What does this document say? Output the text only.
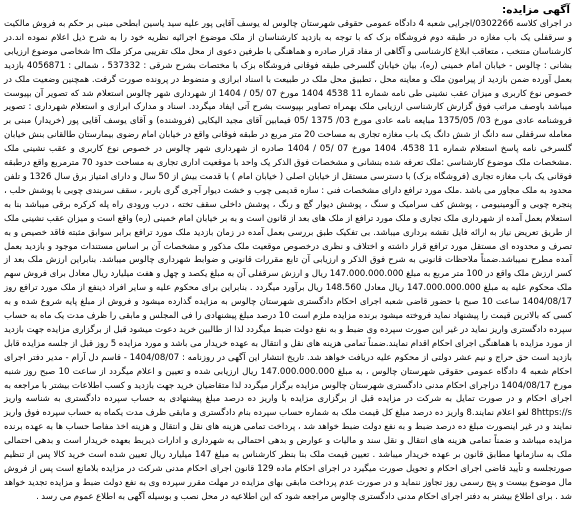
آگهی مزایده:

در اجرای کلاسه 0302266/اجرایی شعبه 4 دادگاه عمومی حقوقی شهرستان چالوس له یوسف آقایی پور علیه سید یاسین ابطحی مبنی بر حکم به فروش مالکیت و سرقفلی یک باب مغازه در طبقه دوم فروشگاه بزک که با توجه به بازدید کارشناسان از ملک موضوع اجرائیه نظریه خود را به شرح ذیل اعلام نموده اند.در کارشناسان منتخب ، متعاقب ابلاغ کارشناسی و آگاهی از مفاد قرار صادره و هماهنگی با طرفین دعوی از محل ملک تقریبی مرکز ملک lm شخاصی موضوع ارزیابی بشانی : چالوس - خیابان امام خمینی (ره)، بیان خیابان گلسرخی طبقه فوقانی فروشگاه بزک با مختصات بشرح شرقی : 537332 ، شمالی : 4056871 بازدید بعمل آورده ضمن بازدید از پیرامون ملک و معاینه محل ، تطبیق محل ملک در طبیعت با اسناد ابرازی و منضوط در پرونده صورت گرفت. همچنین وضعیت ملک در خصوص نوع کاربری و میزان عقب نشینی طی نامه شماره 11 4538 1404 مورخ 07 /05 / 1404 از شهرداری شهر چالوس استعلام شد که تصویر آن بپیوست میباشد باوصف مراتب فوق گزارش کارشناسی ارزیابی ملک بهمراه تصاویر بپیوست بشرح آتی ایفاد میگردد. اسناد و مدارک ابرازی و استعلام شهرداری : تصویر فروشنامه عادی مورخ 03/ 1375/05 مبایعه نامه عادی مورخ 03/ 1375 /05 فیمابین آقای مجید الیکایی (فروشنده) و آقای یوسف آقایی پور (خریدار) مبنی بر معامله سرقفلی سه دانگ از شش دانگ یک باب مغازه تجاری به مساحت 20 متر مربع در طبقه فوقانی واقع در خیابان امام رضوی بیمارستان طالقانی بنش خیابان گلسرخی نامه پاسخ استعلام شماره 11 4538. 1404 مورخ 07 /05 / 1404 صادره از شهرداری شهر چالوس در خصوص نوع کاربری و عقب نشینی ملک .مشخصات ملک موضوع کارشناسی :ملک تعرفه شده بنشانی و مشخصات فوق الذکر یک واحد با موقعیت اداری تجاری به مساحت حدود 70 مترمربع واقع درطبقه فوقانی یک باب مغازه تجاری (فروشگاه بزک) با دسترسی مستقل از خیابان اصلی ( خیابان امام ) با قدمت بیش از 50 سال و دارای امتیاز برق سال 1326 و تلفن محدود به ملک مجاور می باشد .ملک مورد ترافع دارای مشخصات فنی : سازه قدیمی چوب و خشت دیوار آجری گری باربر ، سقف سربندی چوبی با پوشش حلب ، پنجره چوبی و آلومینیومی ، پوشش کف سرامیک و سنگ ، پوشش دیوار گچ و رنگ ، پوشش داخلی سقف تخته ، درب ورودی راه پله کرکره برقی میباشد بنا به استعلام بعمل آمده از شهرداری ملک تجاری و ملک مورد ترافع از ملک های بعد از قانون است و به بر خیابان امام خمینی (ره) واقع است و میزان عقب نشینی ملک از طریق تعریض نیاز به ارائه فایل نقشه برداری میباشد. بی تفکیک طبق بررسی بعمل آمده در زمان بازدید ملک مورد ترافع برابر سوابق مثبته فاقد خصیص و به تصرف و محدوده ای مستقل مورد ترافع قرار داشته و اختلاف و نظری درخصوص موقعیت ملک مذکور و مشخصات آن بر اساس مستندات موجود و بازدید بعمل آمده مطرح نمیباشد.ضمناً ملاحظات قانونی به شرح فوق الذکر و ارزیابی آن تابع مقررات قانونی و ضوابط شهرداری چالوس میباشد. بنابراین ارزش ملک بعد از کسر ارزش ملک واقع در 100 متر مربع به مبلغ 147.000.000.000 ریال و ارزش سرقفلی آن به مبلغ یکصد و چهل و هفت میلیارد ریال معادل برای فروش سهم ملک محکوم علیه به مبلغ 147.000.000.000 ریال معادل 148.560 ریال برآورد میگردد . بنابراین برای محکوم علیه و سایر افراد ذینفع از ملک مورد ترافع روز 1404/08/17 ساعت 10 صبح با حضور قاضی شعبه اجرای احکام دادگستری شهرستان چالوس به مزایده گذارده میشود و فروش از مبلغ پایه شروع شده و به کسی که بالاترین قیمت را پیشنهاد نماید فروخته میشود برنده مزایده ملزم است 10 درصد مبلغ پیشنهادی را فی المجلس و مابقی را ظرف مدت یک ماه به حساب سپرده دادگستری واریز نماید در غیر این صورت سپرده وی ضبط و به نفع دولت ضبط میگردد لذا از طالبین خرید دعوت میشود قبل از برگزاری مزایده جهت بازدید از مورد مزایده با هماهنگی اجرای احکام اقدام نمایند.ضمناً تمامی هزینه های نقل و انتقال به عهده خریدار می باشد و مورد مزایده 5 روز قبل از جلسه مزایده قابل بازدید است حق حراج و نیم عشر دولتی از محکوم علیه دریافت خواهد شد. تاریخ انتشار این آگهی در روزنامه : 1404/08/07 - قاسم دل آرام - مدیر دفتر اجرای احکام شعبه 4 دادگاه عمومی حقوقی شهرستان چالوس ، به مبلغ 147.000.000.000 ریال ارزیابی شده و تعیین و اعلام میگردد از ساعت 10 صبح روز شنبه مورخ 1404/08/17 دراجرای احکام مدنی دادگستری شهرستان چالوس مزایده برگزار میگردد لذا متقاضیان خرید جهت بازدید و کسب اطلاعات بیشتر با مراجعه به اجرای احکام و در صورت تمایل به شرکت در مزایده قبل از برگزاری مزایده با واریز ده درصد مبلغ پیشنهادی به حساب سپرده دادگستری به شناسه واریز 8https://s لغو اعلام نمایند.8 واریز ده درصد مبلغ کل قیمت ملک به شماره حساب سپرده بنام دادگستری و مابقی ظرف مدت یکماه به حساب سپرده فوق واریز نمایند و در غیر اینصورت مبلغ ده درصد ضبط و به نفع دولت ضبط خواهد شد ، پرداخت تمامی هزینه های نقل و انتقال و هزینه اخذ مفاصا حساب ها به عهده برنده مزایده میباشد و ضمناً تمامی هزینه های انتقال و نقل سند و مالیات و عوارض و بدهی احتمالی به شهرداری و ادارات ذیربط بعهده خریدار است و بدهی احتمالی ملک به سازمانها مطابق قانون بر عهده خریدار میباشد . تعیین قیمت ملک بنا بنظر کارشناس به مبلغ 147 میلیارد ریال تعیین شده است خرید کالا پس از تنظیم صورتجلسه و تأیید قاضی اجرای احکام و تحویل صورت میگیرد در اجرای احکام ماده 129 قانون اجرای احکام مدنی شرکت در مزایده بلامانع است پس از فروش مال موضوع بیست و پنج رسمی روز تجاوز ننماید و در صورت عدم پرداخت مابقی بهای مزایده در مهلت مقرر سپرده وی به نفع دولت ضبط و مزایده تجدید خواهد شد . برای اطلاع بیشتر به دفتر اجرای احکام مدنی دادگستری چالوس مراجعه شود که این اطلاعیه در محل نصب و بوسیله آگهی به اطلاع عموم می رسد .
